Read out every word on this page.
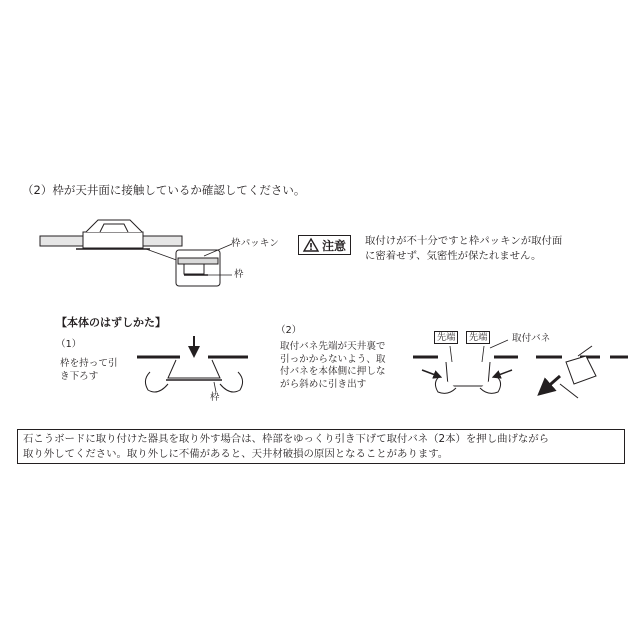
（2）枠が天井面に接触しているか確認してください。
枠パッキン
枠
注意 取付けが不十分ですと枠パッキンが取付面
に密着せず、気密性が保たれません。
【本体のはずしかた】
（1）
枠を持って引
き下ろす
枠
（2）
取付バネ先端が天井裏で
引っかからないよう、取
付バネを本体側に押しな
がら斜めに引き出す
先端	先端	取付バネ
石こうボードに取り付けた器具を取り外す場合は、枠部をゆっくり引き下げて取付バネ（2本）を押し曲げながら
取り外してください。取り外しに不備があると、天井材破損の原因となることがあります。
